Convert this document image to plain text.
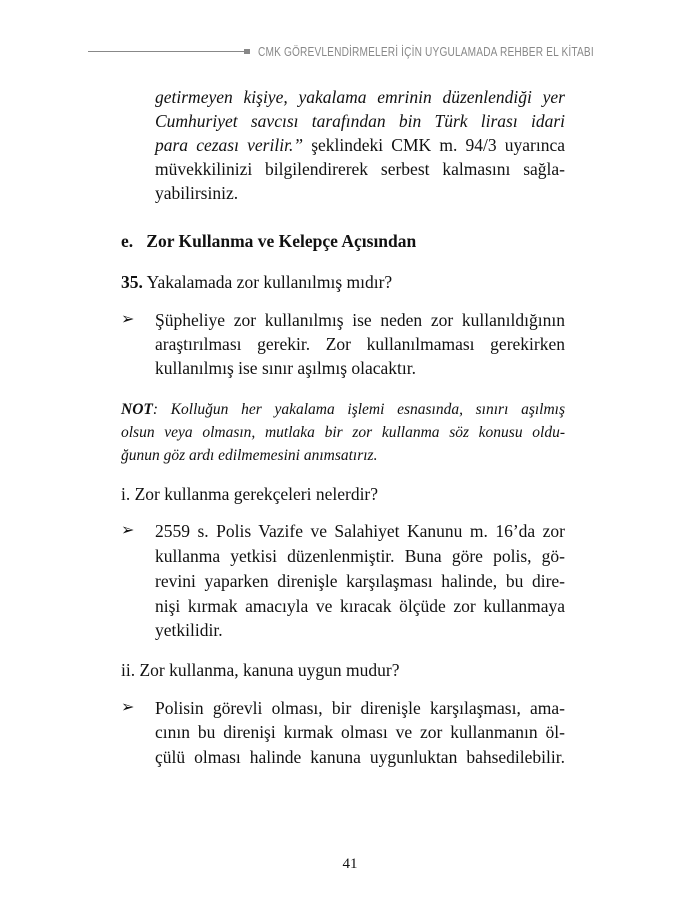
CMK GÖREVLENDİRMELERİ İÇİN UYGULAMADA REHBER EL KİTABI
getirmeyen kişiye, yakalama emrinin düzenlendiği yer
Cumhuriyet savcısı tarafından bin Türk lirası idari
para cezası verilir.” şeklindeki CMK m. 94/3 uyarınca
müvekkilinizi bilgilendirerek serbest kalmasını sağla-
yabilirsiniz.
e. Zor Kullanma ve Kelepçe Açısından
35. Yakalamada zor kullanılmış mıdır?
➢ Şüpheliye zor kullanılmış ise neden zor kullanıldığının
araştırılması gerekir. Zor kullanılmaması gerekirken
kullanılmış ise sınır aşılmış olacaktır.
NOT: Kolluğun her yakalama işlemi esnasında, sınırı aşılmış
olsun veya olmasın, mutlaka bir zor kullanma söz konusu oldu-
ğunun göz ardı edilmemesini anımsatırız.
i. Zor kullanma gerekçeleri nelerdir?
➢ 2559 s. Polis Vazife ve Salahiyet Kanunu m. 16’da zor
kullanma yetkisi düzenlenmiştir. Buna göre polis, gö-
revini yaparken direnişle karşılaşması halinde, bu dire-
nişi kırmak amacıyla ve kıracak ölçüde zor kullanmaya
yetkilidir.
ii. Zor kullanma, kanuna uygun mudur?
➢ Polisin görevli olması, bir direnişle karşılaşması, ama-
cının bu direnişi kırmak olması ve zor kullanmanın öl-
çülü olması halinde kanuna uygunluktan bahsedilebilir.
41
